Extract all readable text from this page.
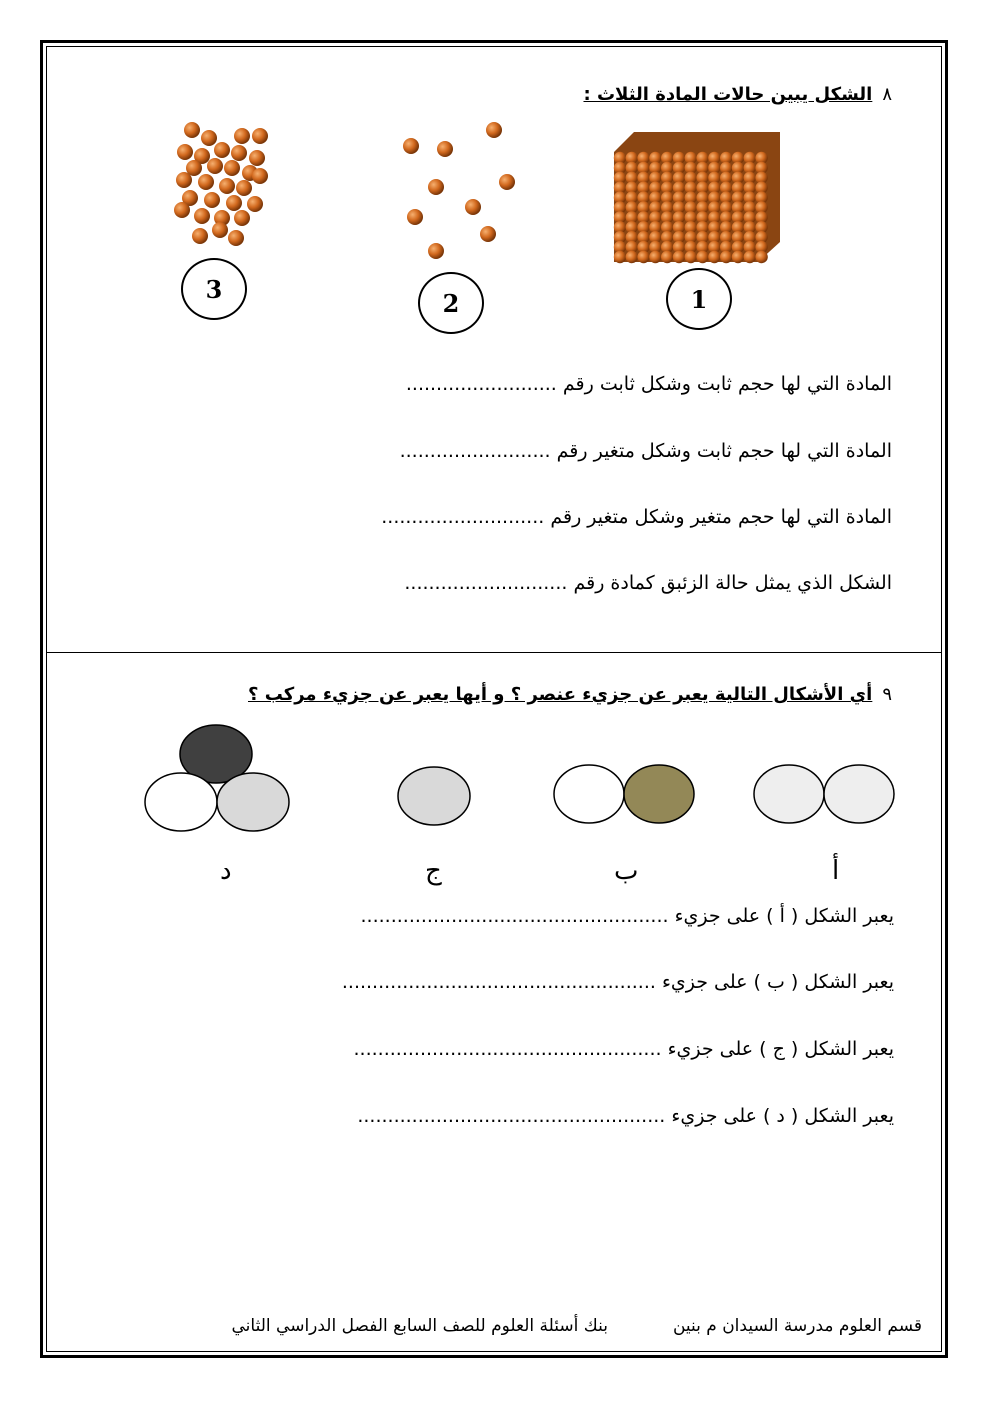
٨الشكل يبين حالات المادة الثلاث :
1
2
3
المادة التي لها حجم ثابت وشكل ثابت رقم .........................
المادة التي لها حجم ثابت وشكل متغير رقم .........................
المادة التي لها حجم متغير وشكل متغير رقم ...........................
الشكل الذي يمثل حالة الزئبق كمادة رقم ...........................
٩أي الأشكال التالية يعبر عن جزيء عنصر ؟ و أيها يعبر عن جزيء مركب ؟
أ
ب
ج
د
يعبر الشكل ( أ ) على جزيء ...................................................
يعبر الشكل ( ب ) على جزيء ....................................................
يعبر الشكل ( ج ) على جزيء ...................................................
يعبر الشكل ( د ) على جزيء ...................................................
قسم العلوم مدرسة السيدان م بنين
بنك أسئلة العلوم للصف السابع الفصل الدراسي الثاني
